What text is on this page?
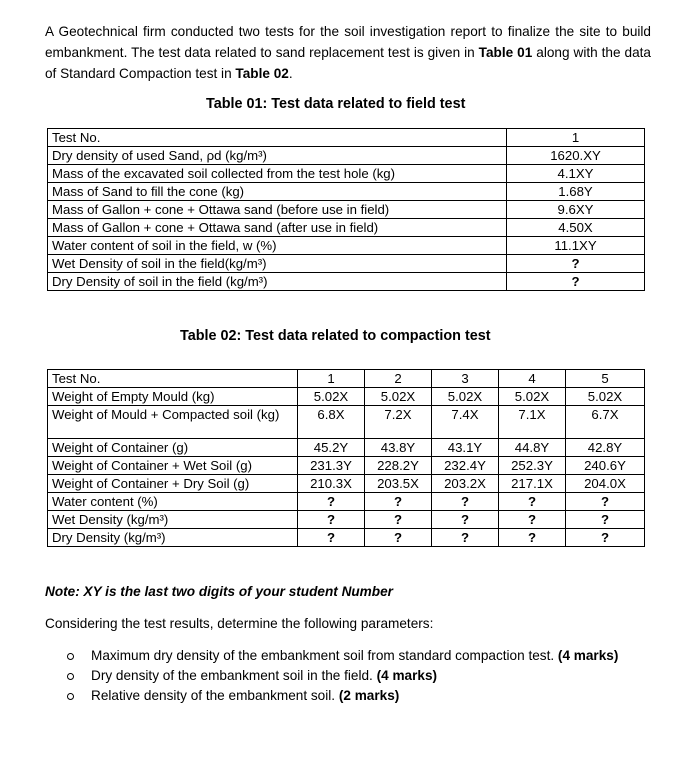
A Geotechnical firm conducted two tests for the soil investigation report to finalize the site to build embankment. The test data related to sand replacement test is given in Table 01 along with the data of Standard Compaction test in Table 02.

Table 01: Test data related to field test

Test No.	1
Dry density of used Sand, ρd (kg/m³)	1620.XY
Mass of the excavated soil collected from the test hole (kg)	4.1XY
Mass of Sand to fill the cone (kg)	1.68Y
Mass of Gallon + cone + Ottawa sand (before use in field)	9.6XY
Mass of Gallon + cone + Ottawa sand (after use in field)	4.50X
Water content of soil in the field, w (%)	11.1XY
Wet Density of soil in the field(kg/m³)	?
Dry Density of soil in the field (kg/m³)	?

Table 02: Test data related to compaction test

Test No.	1	2	3	4	5
Weight of Empty Mould (kg)	5.02X	5.02X	5.02X	5.02X	5.02X
Weight of Mould + Compacted soil (kg)	6.8X	7.2X	7.4X	7.1X	6.7X
Weight of Container (g)	45.2Y	43.8Y	43.1Y	44.8Y	42.8Y
Weight of Container + Wet Soil (g)	231.3Y	228.2Y	232.4Y	252.3Y	240.6Y
Weight of Container + Dry Soil (g)	210.3X	203.5X	203.2X	217.1X	204.0X
Water content (%)	?	?	?	?	?
Wet Density (kg/m³)	?	?	?	?	?
Dry Density (kg/m³)	?	?	?	?	?

Note: XY is the last two digits of your student Number

Considering the test results, determine the following parameters:

Maximum dry density of the embankment soil from standard compaction test. (4 marks)
Dry density of the embankment soil in the field. (4 marks)
Relative density of the embankment soil. (2 marks)
